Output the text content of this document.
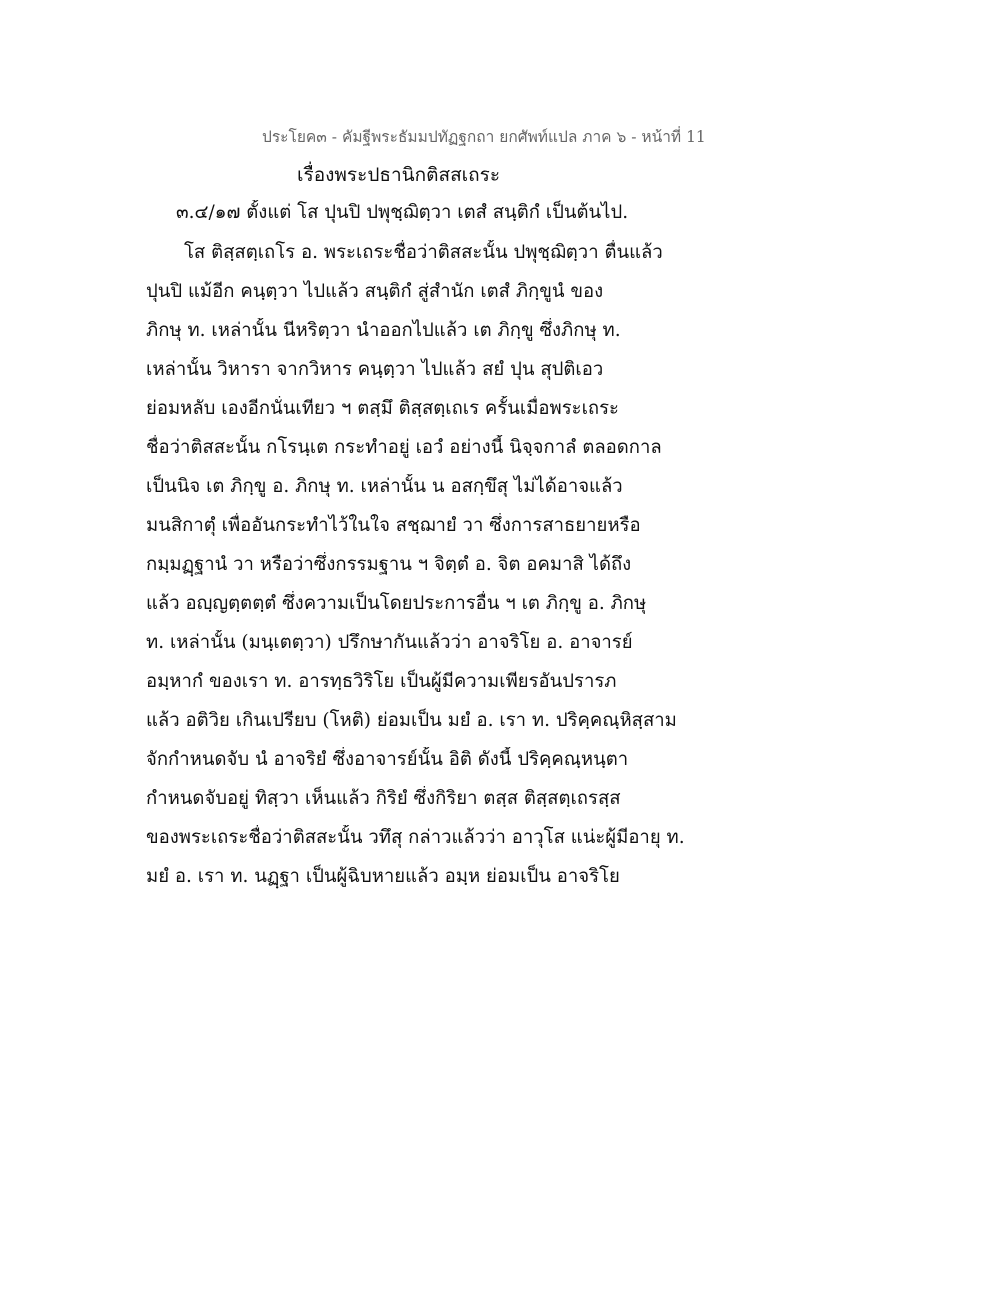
ประโยค๓ - คัมฐีพระธัมมปทัฏฐกถา ยกศัพท์แปล ภาค ๖ - หน้าที่ 11
เรื่องพระปธานิกติสสเถระ
๓.๔/๑๗ ตั้งแต่ โส ปุนปิ ปพุชฺฌิตฺวา เตสํ สนฺติกํ เป็นต้นไป.
โส ติสฺสตฺเถโร อ. พระเถระชื่อว่าติสสะนั้น ปพุชฺฌิตฺวา ตื่นแล้ว
ปุนปิ แม้อีก คนฺตฺวา ไปแล้ว สนฺติกํ สู่สำนัก เตสํ ภิกฺขูนํ ของ
ภิกษุ ท. เหล่านั้น นีหริตฺวา นำออกไปแล้ว เต ภิกฺขู ซึ่งภิกษุ ท.
เหล่านั้น วิหารา จากวิหาร คนฺตฺวา ไปแล้ว สยํ ปุน สุปติเอว
ย่อมหลับ เองอีกนั่นเทียว ฯ ตสฺมึ ติสฺสตฺเถเร ครั้นเมื่อพระเถระ
ชื่อว่าติสสะนั้น กโรนฺเต กระทำอยู่ เอวํ อย่างนี้ นิจฺจกาลํ ตลอดกาล
เป็นนิจ เต ภิกฺขู อ. ภิกษุ ท. เหล่านั้น น อสกฺขึสุ ไม่ได้อาจแล้ว
มนสิกาตุํ เพื่ออันกระทำไว้ในใจ สชฺฌายํ วา ซึ่งการสาธยายหรือ
กมฺมฏฺฐานํ วา หรือว่าซึ่งกรรมฐาน ฯ จิตฺตํ อ. จิต อคมาสิ ได้ถึง
แล้ว อญฺญตฺตตฺตํ ซึ่งความเป็นโดยประการอื่น ฯ เต ภิกฺขู อ. ภิกษุ
ท. เหล่านั้น (มนฺเตตฺวา) ปรึกษากันแล้วว่า อาจริโย อ. อาจารย์
อมฺหากํ ของเรา ท. อารทฺธวิริโย เป็นผู้มีความเพียรอันปรารภ
แล้ว อติวิย เกินเปรียบ (โหติ) ย่อมเป็น มยํ อ. เรา ท. ปริคฺคณฺหิสฺสาม
จักกำหนดจับ นํ อาจริยํ ซึ่งอาจารย์นั้น อิติ ดังนี้ ปริคฺคณฺหนฺตา
กำหนดจับอยู่ ทิสฺวา เห็นแล้ว กิริยํ ซึ่งกิริยา ตสฺส ติสฺสตฺเถรสฺส
ของพระเถระชื่อว่าติสสะนั้น วทึสุ กล่าวแล้วว่า อาวุโส แน่ะผู้มีอายุ ท.
มยํ อ. เรา ท. นฏฺฐา เป็นผู้ฉิบหายแล้ว อมฺห ย่อมเป็น อาจริโย
